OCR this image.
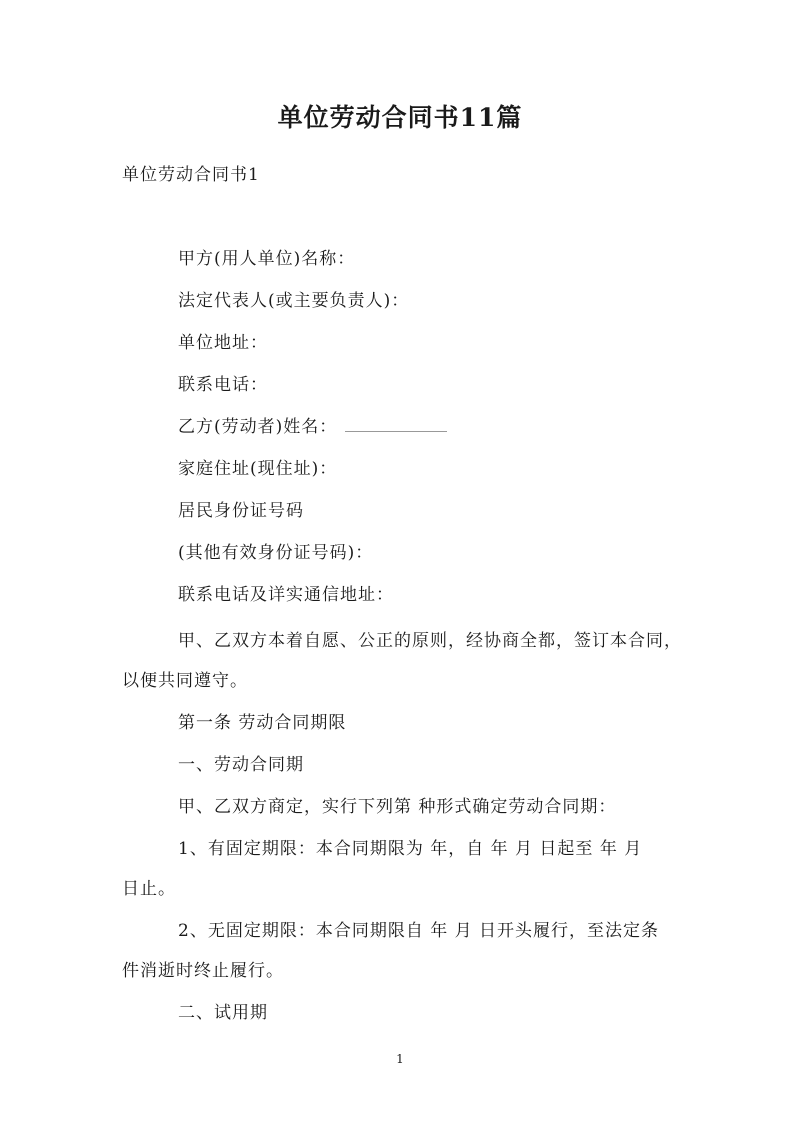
单位劳动合同书11篇

单位劳动合同书1

甲方(用人单位)名称：

法定代表人(或主要负责人)：

单位地址：

联系电话：

乙方(劳动者)姓名：

家庭住址(现住址)：

居民身份证号码

(其他有效身份证号码)：

联系电话及详实通信地址：

甲、乙双方本着自愿、公正的原则，经协商全都，签订本合同，

以便共同遵守。

第一条 劳动合同期限

一、劳动合同期

甲、乙双方商定，实行下列第 种形式确定劳动合同期：

1、有固定期限：本合同期限为 年，自 年 月 日起至 年 月

日止。

2、无固定期限：本合同期限自 年 月 日开头履行，至法定条

件消逝时终止履行。

二、试用期

1
